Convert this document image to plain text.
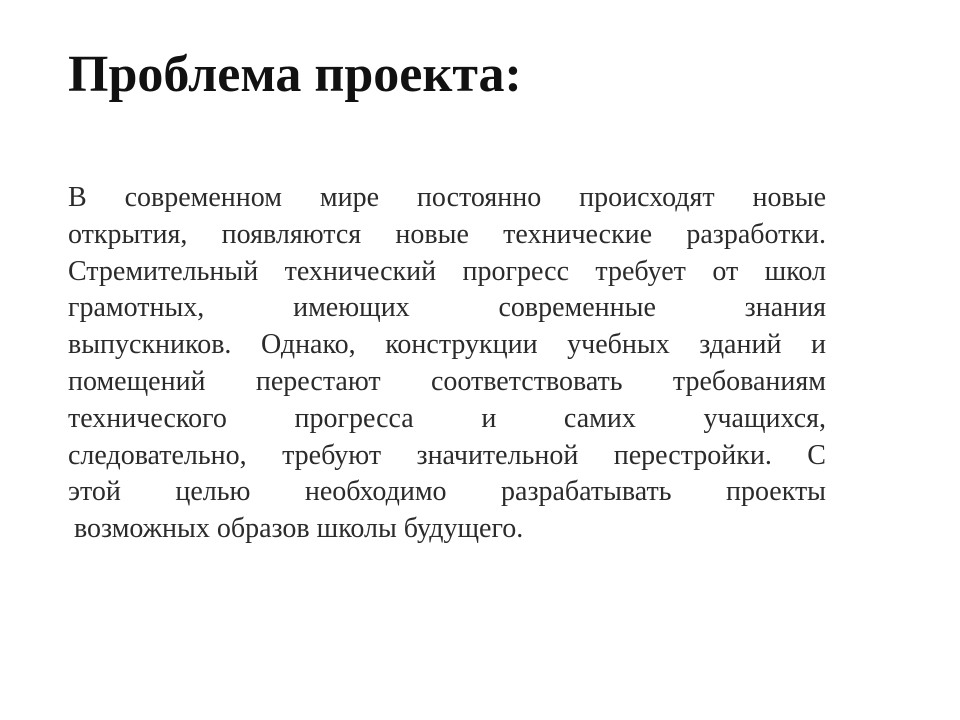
Проблема проекта:
В современном мире постоянно происходят новые
открытия, появляются новые технические разработки.
Стремительный технический прогресс требует от школ
грамотных, имеющих современные знания
выпускников. Однако, конструкции учебных зданий и
помещений перестают соответствовать требованиям
технического прогресса и самих учащихся,
следовательно, требуют значительной перестройки. С
этой целью необходимо разрабатывать проекты
возможных образов школы будущего.
